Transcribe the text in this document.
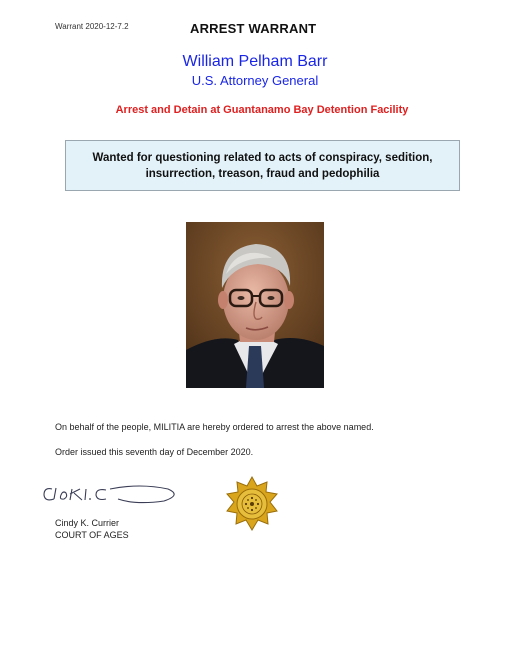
Warrant 2020-12-7.2	ARREST WARRANT
William Pelham Barr
U.S. Attorney General
Arrest and Detain at Guantanamo Bay Detention Facility
Wanted for questioning related to acts of conspiracy, sedition, insurrection, treason, fraud and pedophilia
On behalf of the people, MILITIA are hereby ordered to arrest the above named.
Order issued this seventh day of December 2020.
Cindy K. Currier
COURT OF AGES
